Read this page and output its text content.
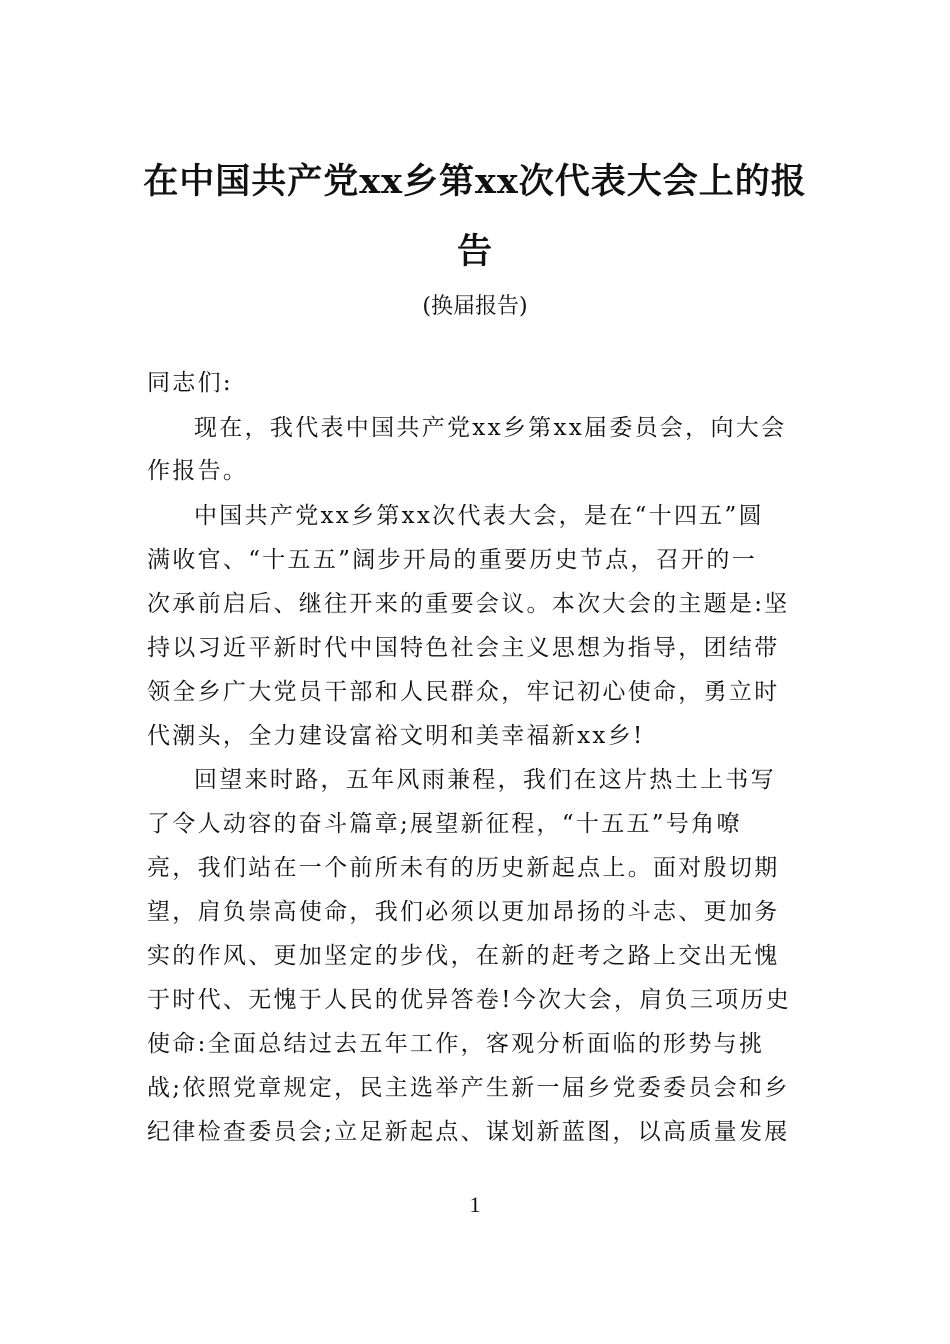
在中国共产党xx乡第xx次代表大会上的报
告
(换届报告)
同志们:
现在，我代表中国共产党xx乡第xx届委员会，向大会
作报告。
中国共产党xx乡第xx次代表大会，是在“十四五”圆
满收官、“十五五”阔步开局的重要历史节点，召开的一
次承前启后、继往开来的重要会议。本次大会的主题是:坚
持以习近平新时代中国特色社会主义思想为指导，团结带
领全乡广大党员干部和人民群众，牢记初心使命，勇立时
代潮头，全力建设富裕文明和美幸福新xx乡!
回望来时路，五年风雨兼程，我们在这片热土上书写
了令人动容的奋斗篇章;展望新征程，“十五五”号角嘹
亮，我们站在一个前所未有的历史新起点上。面对殷切期
望，肩负崇高使命，我们必须以更加昂扬的斗志、更加务
实的作风、更加坚定的步伐，在新的赶考之路上交出无愧
于时代、无愧于人民的优异答卷!今次大会，肩负三项历史
使命:全面总结过去五年工作，客观分析面临的形势与挑
战;依照党章规定，民主选举产生新一届乡党委委员会和乡
纪律检查委员会;立足新起点、谋划新蓝图，以高质量发展
1
